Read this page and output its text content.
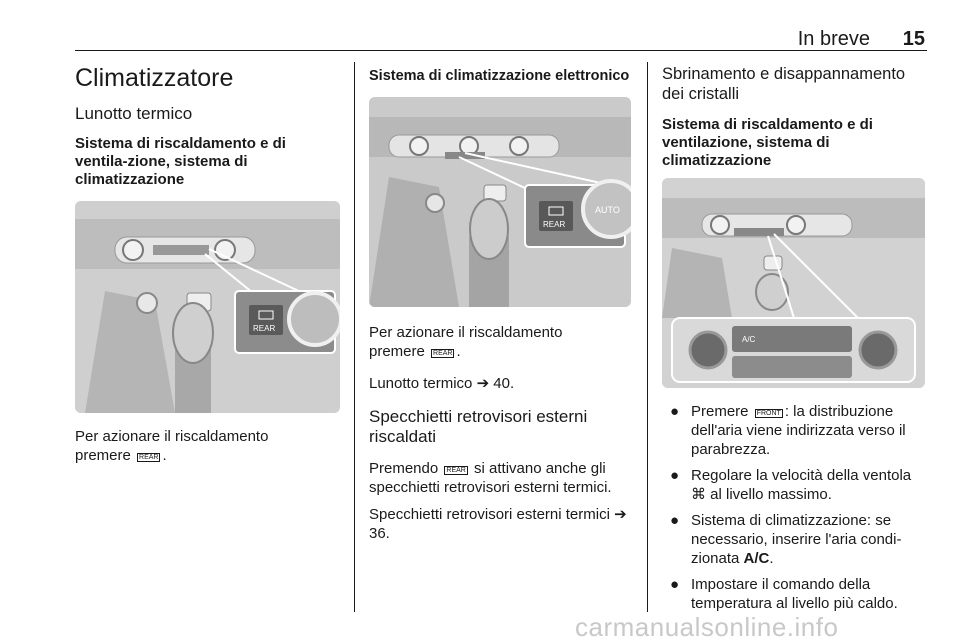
In breve 15
Climatizzatore
Lunotto termico
Sistema di riscaldamento e di ventila-zione, sistema di climatizzazione
REAR

Per azionare il riscaldamento
premere REAR .

Sistema di climatizzazione elettronico
REAR
AUTO

Per azionare il riscaldamento
premere REAR .

Lunotto termico ➔ 40.

Specchietti retrovisori esterni riscaldati

Premendo REAR si attivano anche gli specchietti retrovisori esterni termici.

Specchietti retrovisori esterni termici ➔ 36.

Sbrinamento e disappannamento dei cristalli
Sistema di riscaldamento e di ventilazione, sistema di climatizzazione
A/C
● Premere FRONT : la distribuzione dell'aria viene indirizzata verso il parabrezza.
● Regolare la velocità della ventola ⌘ al livello massimo.
● Sistema di climatizzazione: se necessario, inserire l'aria condi-zionata A/C.
● Impostare il comando della temperatura al livello più caldo.
carmanualsonline.info
